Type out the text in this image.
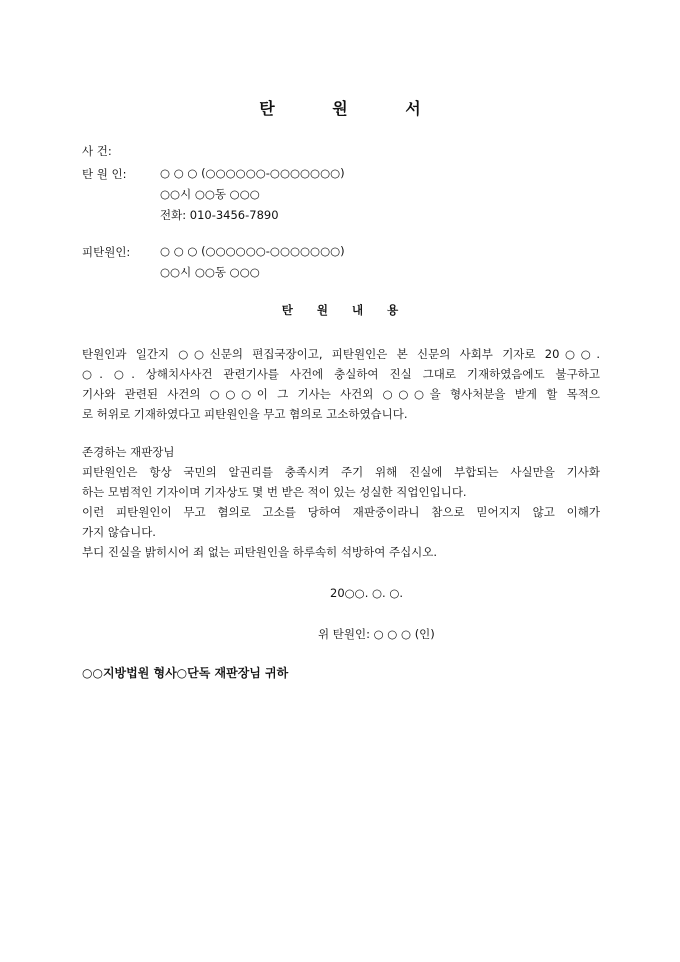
탄 원 서
사 건:
탄 원 인:	○ ○ ○ (○○○○○○-○○○○○○○)
○○시 ○○동 ○○○
전화: 010-3456-7890
피탄원인:	○ ○ ○ (○○○○○○-○○○○○○○)
○○시 ○○동 ○○○
탄 원 내 용
탄원인과 일간지 ○○신문의 편집국장이고, 피탄원인은 본 신문의 사회부 기자로 20○○.
○. ○. 상해치사사건 관련기사를 사건에 충실하여 진실 그대로 기재하였음에도 불구하고
기사와 관련된 사건의 ○○○이 그 기사는 사건외 ○○○을 형사처분을 받게 할 목적으
로 허위로 기재하였다고 피탄원인을 무고 혐의로 고소하였습니다.
존경하는 재판장님
피탄원인은 항상 국민의 알권리를 충족시켜 주기 위해 진실에 부합되는 사실만을 기사화
하는 모범적인 기자이며 기자상도 몇 번 받은 적이 있는 성실한 직업인입니다.
이런 피탄원인이 무고 혐의로 고소를 당하여 재판중이라니 참으로 믿어지지 않고 이해가
가지 않습니다.
부디 진실을 밝히시어 죄 없는 피탄원인을 하루속히 석방하여 주십시오.
20○○. ○. ○.
위 탄원인: ○ ○ ○ (인)
○○지방법원 형사○단독 재판장님 귀하
